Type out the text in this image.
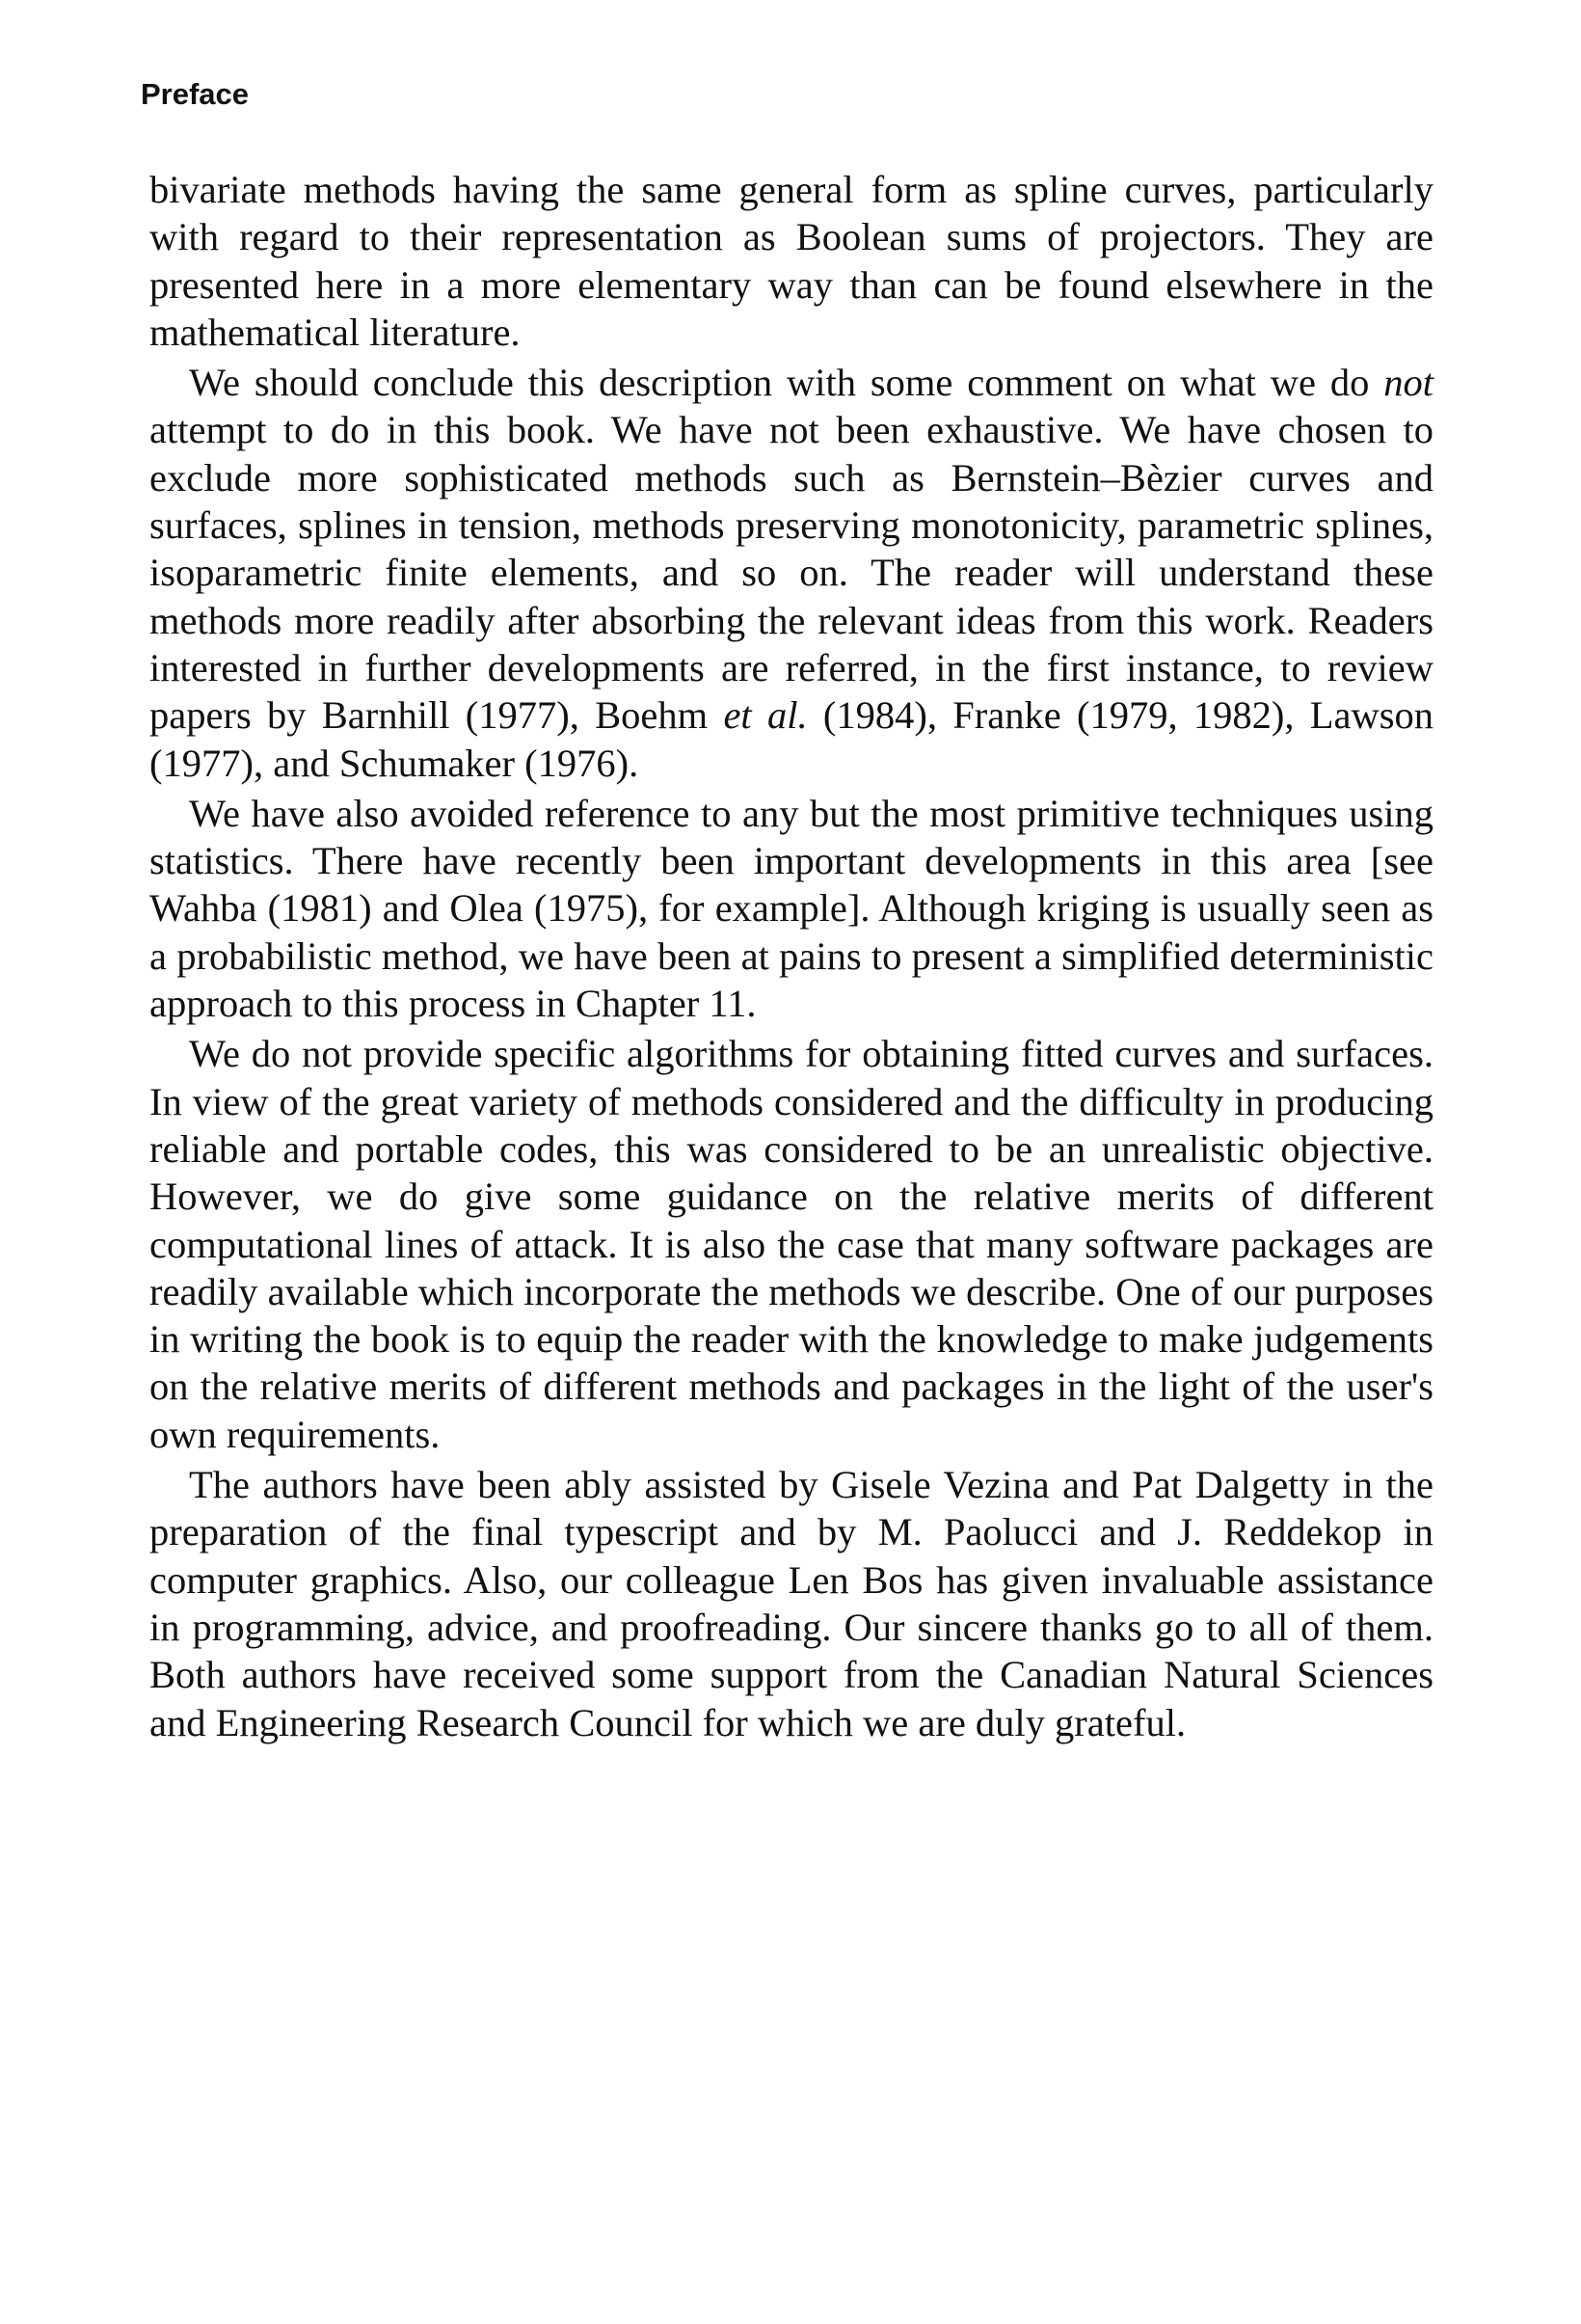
Preface

bivariate methods having the same general form as spline curves, particularly with regard to their representation as Boolean sums of projectors. They are presented here in a more elementary way than can be found elsewhere in the mathematical literature.

We should conclude this description with some comment on what we do not attempt to do in this book. We have not been exhaustive. We have chosen to exclude more sophisticated methods such as Bernstein–Bèzier curves and surfaces, splines in tension, methods preserving monotonicity, parametric splines, isoparametric finite elements, and so on. The reader will understand these methods more readily after absorbing the relevant ideas from this work. Readers interested in further developments are referred, in the first instance, to review papers by Barnhill (1977), Boehm et al. (1984), Franke (1979, 1982), Lawson (1977), and Schumaker (1976).

We have also avoided reference to any but the most primitive techniques using statistics. There have recently been important developments in this area [see Wahba (1981) and Olea (1975), for example]. Although kriging is usually seen as a probabilistic method, we have been at pains to present a simplified deterministic approach to this process in Chapter 11.

We do not provide specific algorithms for obtaining fitted curves and surfaces. In view of the great variety of methods considered and the difficulty in producing reliable and portable codes, this was considered to be an unrealistic objective. However, we do give some guidance on the relative merits of different computational lines of attack. It is also the case that many software packages are readily available which incorporate the methods we describe. One of our purposes in writing the book is to equip the reader with the knowledge to make judgements on the relative merits of different methods and packages in the light of the user's own requirements.

The authors have been ably assisted by Gisele Vezina and Pat Dalgetty in the preparation of the final typescript and by M. Paolucci and J. Reddekop in computer graphics. Also, our colleague Len Bos has given invaluable assistance in programming, advice, and proofreading. Our sincere thanks go to all of them. Both authors have received some support from the Canadian Natural Sciences and Engineering Research Council for which we are duly grateful.
